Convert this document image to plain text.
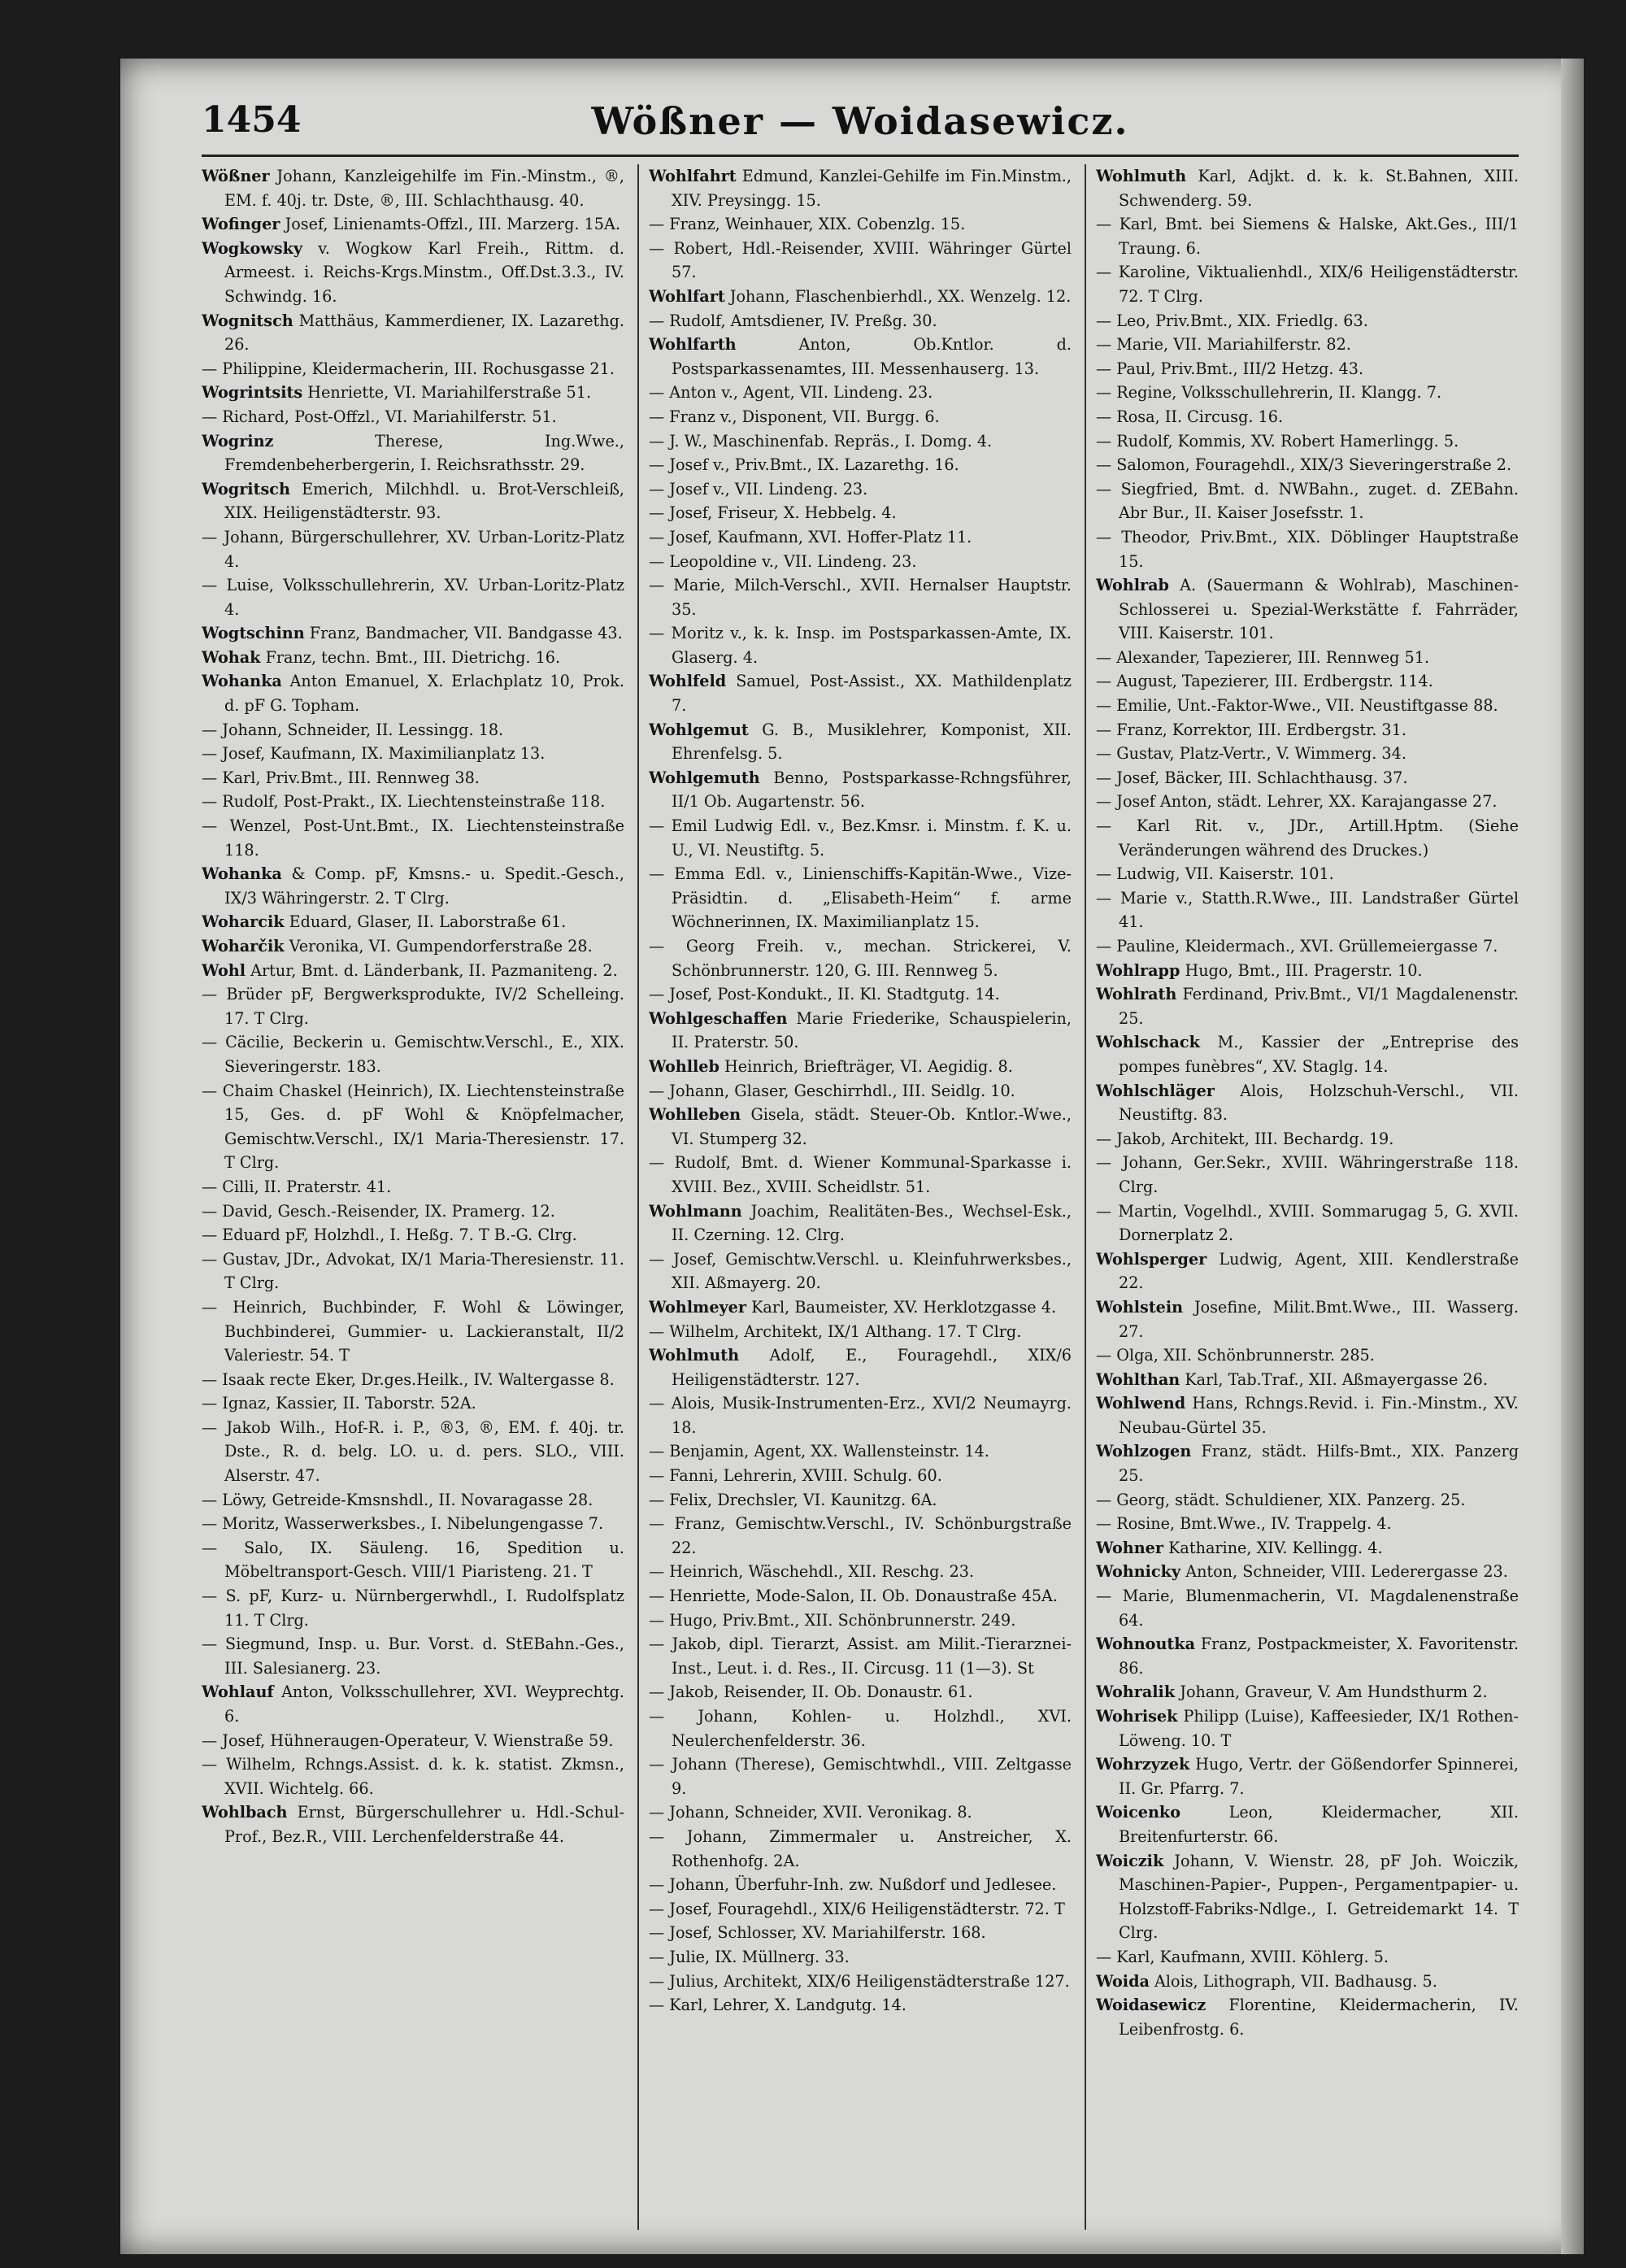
1454	Wößner — Woidasewicz.

Wößner Johann, Kanzleigehilfe im Fin.-Minstm., ®, EM. f. 40j. tr. Dste, ®, III. Schlachthausg. 40.

Wofinger Josef, Linienamts-Offzl., III. Marzerg. 15A.

Wogkowsky v. Wogkow Karl Freih., Rittm. d. Armeest. i. Reichs-Krgs.Minstm., Off.Dst.3.3., IV. Schwindg. 16.

Wognitsch Matthäus, Kammerdiener, IX. Lazarethg. 26.

— Philippine, Kleidermacherin, III. Rochusgasse 21.

Wogrintsits Henriette, VI. Mariahilferstraße 51.

— Richard, Post-Offzl., VI. Mariahilferstr. 51.

Wogrinz Therese, Ing.Wwe., Fremdenbeherbergerin, I. Reichsrathsstr. 29.

Wogritsch Emerich, Milchhdl. u. Brot-Verschleiß, XIX. Heiligenstädterstr. 93.

— Johann, Bürgerschullehrer, XV. Urban-Loritz-Platz 4.

— Luise, Volksschullehrerin, XV. Urban-Loritz-Platz 4.

Wogtschinn Franz, Bandmacher, VII. Bandgasse 43.

Wohak Franz, techn. Bmt., III. Dietrichg. 16.

Wohanka Anton Emanuel, X. Erlachplatz 10, Prok. d. pF G. Topham.

— Johann, Schneider, II. Lessingg. 18.

— Josef, Kaufmann, IX. Maximilianplatz 13.

— Karl, Priv.Bmt., III. Rennweg 38.

— Rudolf, Post-Prakt., IX. Liechtensteinstraße 118.

— Wenzel, Post-Unt.Bmt., IX. Liechtensteinstraße 118.

Wohanka & Comp. pF, Kmsns.- u. Spedit.-Gesch., IX/3 Währingerstr. 2. T Clrg.

Woharcik Eduard, Glaser, II. Laborstraße 61.

Woharčik Veronika, VI. Gumpendorferstraße 28.

Wohl Artur, Bmt. d. Länderbank, II. Pazmaniteng. 2.

— Brüder pF, Bergwerksprodukte, IV/2 Schelleing. 17. T Clrg.

— Cäcilie, Beckerin u. Gemischtw.Verschl., E., XIX. Sieveringerstr. 183.

— Chaim Chaskel (Heinrich), IX. Liechtensteinstraße 15, Ges. d. pF Wohl & Knöpfelmacher, Gemischtw.Verschl., IX/1 Maria-Theresienstr. 17. T Clrg.

— Cilli, II. Praterstr. 41.

— David, Gesch.-Reisender, IX. Pramerg. 12.

— Eduard pF, Holzhdl., I. Heßg. 7. T B.-G. Clrg.

— Gustav, JDr., Advokat, IX/1 Maria-Theresienstr. 11. T Clrg.

— Heinrich, Buchbinder, F. Wohl & Löwinger, Buchbinderei, Gummier- u. Lackieranstalt, II/2 Valeriestr. 54. T

— Isaak recte Eker, Dr.ges.Heilk., IV. Waltergasse 8.

— Ignaz, Kassier, II. Taborstr. 52A.

— Jakob Wilh., Hof-R. i. P., ®3, ®, EM. f. 40j. tr. Dste., R. d. belg. LO. u. d. pers. SLO., VIII. Alserstr. 47.

— Löwy, Getreide-Kmsnshdl., II. Novaragasse 28.

— Moritz, Wasserwerksbes., I. Nibelungengasse 7.

— Salo, IX. Säuleng. 16, Spedition u. Möbeltransport-Gesch. VIII/1 Piaristeng. 21. T

— S. pF, Kurz- u. Nürnbergerwhdl., I. Rudolfsplatz 11. T Clrg.

— Siegmund, Insp. u. Bur. Vorst. d. StEBahn.-Ges., III. Salesianerg. 23.

Wohlauf Anton, Volksschullehrer, XVI. Weyprechtg. 6.

— Josef, Hühneraugen-Operateur, V. Wienstraße 59.

— Wilhelm, Rchngs.Assist. d. k. k. statist. Zkmsn., XVII. Wichtelg. 66.

Wohlbach Ernst, Bürgerschullehrer u. Hdl.-Schul-Prof., Bez.R., VIII. Lerchenfelderstraße 44.

Wohlfahrt Edmund, Kanzlei-Gehilfe im Fin.Minstm., XIV. Preysingg. 15.

— Franz, Weinhauer, XIX. Cobenzlg. 15.

— Robert, Hdl.-Reisender, XVIII. Währinger Gürtel 57.

Wohlfart Johann, Flaschenbierhdl., XX. Wenzelg. 12.

— Rudolf, Amtsdiener, IV. Preßg. 30.

Wohlfarth Anton, Ob.Kntlor. d. Postsparkassenamtes, III. Messenhauserg. 13.

— Anton v., Agent, VII. Lindeng. 23.

— Franz v., Disponent, VII. Burgg. 6.

— J. W., Maschinenfab. Repräs., I. Domg. 4.

— Josef v., Priv.Bmt., IX. Lazarethg. 16.

— Josef v., VII. Lindeng. 23.

— Josef, Friseur, X. Hebbelg. 4.

— Josef, Kaufmann, XVI. Hoffer-Platz 11.

— Leopoldine v., VII. Lindeng. 23.

— Marie, Milch-Verschl., XVII. Hernalser Hauptstr. 35.

— Moritz v., k. k. Insp. im Postsparkassen-Amte, IX. Glaserg. 4.

Wohlfeld Samuel, Post-Assist., XX. Mathildenplatz 7.

Wohlgemut G. B., Musiklehrer, Komponist, XII. Ehrenfelsg. 5.

Wohlgemuth Benno, Postsparkasse-Rchngsführer, II/1 Ob. Augartenstr. 56.

— Emil Ludwig Edl. v., Bez.Kmsr. i. Minstm. f. K. u. U., VI. Neustiftg. 5.

— Emma Edl. v., Linienschiffs-Kapitän-Wwe., Vize-Präsidtin. d. „Elisabeth-Heim“ f. arme Wöchnerinnen, IX. Maximilianplatz 15.

— Georg Freih. v., mechan. Strickerei, V. Schönbrunnerstr. 120, G. III. Rennweg 5.

— Josef, Post-Kondukt., II. Kl. Stadtgutg. 14.

Wohlgeschaffen Marie Friederike, Schauspielerin, II. Praterstr. 50.

Wohlleb Heinrich, Briefträger, VI. Aegidig. 8.

— Johann, Glaser, Geschirrhdl., III. Seidlg. 10.

Wohlleben Gisela, städt. Steuer-Ob. Kntlor.-Wwe., VI. Stumperg 32.

— Rudolf, Bmt. d. Wiener Kommunal-Sparkasse i. XVIII. Bez., XVIII. Scheidlstr. 51.

Wohlmann Joachim, Realitäten-Bes., Wechsel-Esk., II. Czerning. 12. Clrg.

— Josef, Gemischtw.Verschl. u. Kleinfuhrwerksbes., XII. Aßmayerg. 20.

Wohlmeyer Karl, Baumeister, XV. Herklotzgasse 4.

— Wilhelm, Architekt, IX/1 Althang. 17. T Clrg.

Wohlmuth Adolf, E., Fouragehdl., XIX/6 Heiligenstädterstr. 127.

— Alois, Musik-Instrumenten-Erz., XVI/2 Neumayrg. 18.

— Benjamin, Agent, XX. Wallensteinstr. 14.

— Fanni, Lehrerin, XVIII. Schulg. 60.

— Felix, Drechsler, VI. Kaunitzg. 6A.

— Franz, Gemischtw.Verschl., IV. Schönburgstraße 22.

— Heinrich, Wäschehdl., XII. Reschg. 23.

— Henriette, Mode-Salon, II. Ob. Donaustraße 45A.

— Hugo, Priv.Bmt., XII. Schönbrunnerstr. 249.

— Jakob, dipl. Tierarzt, Assist. am Milit.-Tierarznei-Inst., Leut. i. d. Res., II. Circusg. 11 (1—3). St

— Jakob, Reisender, II. Ob. Donaustr. 61.

— Johann, Kohlen- u. Holzhdl., XVI. Neulerchenfelderstr. 36.

— Johann (Therese), Gemischtwhdl., VIII. Zeltgasse 9.

— Johann, Schneider, XVII. Veronikag. 8.

— Johann, Zimmermaler u. Anstreicher, X. Rothenhofg. 2A.

— Johann, Überfuhr-Inh. zw. Nußdorf und Jedlesee.

— Josef, Fouragehdl., XIX/6 Heiligenstädterstr. 72. T

— Josef, Schlosser, XV. Mariahilferstr. 168.

— Julie, IX. Müllnerg. 33.

— Julius, Architekt, XIX/6 Heiligenstädterstraße 127.

— Karl, Lehrer, X. Landgutg. 14.

Wohlmuth Karl, Adjkt. d. k. k. St.Bahnen, XIII. Schwenderg. 59.

— Karl, Bmt. bei Siemens & Halske, Akt.Ges., III/1 Traung. 6.

— Karoline, Viktualienhdl., XIX/6 Heiligenstädterstr. 72. T Clrg.

— Leo, Priv.Bmt., XIX. Friedlg. 63.

— Marie, VII. Mariahilferstr. 82.

— Paul, Priv.Bmt., III/2 Hetzg. 43.

— Regine, Volksschullehrerin, II. Klangg. 7.

— Rosa, II. Circusg. 16.

— Rudolf, Kommis, XV. Robert Hamerlingg. 5.

— Salomon, Fouragehdl., XIX/3 Sieveringerstraße 2.

— Siegfried, Bmt. d. NWBahn., zuget. d. ZEBahn. Abr Bur., II. Kaiser Josefsstr. 1.

— Theodor, Priv.Bmt., XIX. Döblinger Hauptstraße 15.

Wohlrab A. (Sauermann & Wohlrab), Maschinen-Schlosserei u. Spezial-Werkstätte f. Fahrräder, VIII. Kaiserstr. 101.

— Alexander, Tapezierer, III. Rennweg 51.

— August, Tapezierer, III. Erdbergstr. 114.

— Emilie, Unt.-Faktor-Wwe., VII. Neustiftgasse 88.

— Franz, Korrektor, III. Erdbergstr. 31.

— Gustav, Platz-Vertr., V. Wimmerg. 34.

— Josef, Bäcker, III. Schlachthausg. 37.

— Josef Anton, städt. Lehrer, XX. Karajangasse 27.

— Karl Rit. v., JDr., Artill.Hptm. (Siehe Veränderungen während des Druckes.)

— Ludwig, VII. Kaiserstr. 101.

— Marie v., Statth.R.Wwe., III. Landstraßer Gürtel 41.

— Pauline, Kleidermach., XVI. Grüllemeiergasse 7.

Wohlrapp Hugo, Bmt., III. Pragerstr. 10.

Wohlrath Ferdinand, Priv.Bmt., VI/1 Magdalenenstr. 25.

Wohlschack M., Kassier der „Entreprise des pompes funèbres“, XV. Staglg. 14.

Wohlschläger Alois, Holzschuh-Verschl., VII. Neustiftg. 83.

— Jakob, Architekt, III. Bechardg. 19.

— Johann, Ger.Sekr., XVIII. Währingerstraße 118. Clrg.

— Martin, Vogelhdl., XVIII. Sommarugag 5, G. XVII. Dornerplatz 2.

Wohlsperger Ludwig, Agent, XIII. Kendlerstraße 22.

Wohlstein Josefine, Milit.Bmt.Wwe., III. Wasserg. 27.

— Olga, XII. Schönbrunnerstr. 285.

Wohlthan Karl, Tab.Traf., XII. Aßmayergasse 26.

Wohlwend Hans, Rchngs.Revid. i. Fin.-Minstm., XV. Neubau-Gürtel 35.

Wohlzogen Franz, städt. Hilfs-Bmt., XIX. Panzerg 25.

— Georg, städt. Schuldiener, XIX. Panzerg. 25.

— Rosine, Bmt.Wwe., IV. Trappelg. 4.

Wohner Katharine, XIV. Kellingg. 4.

Wohnicky Anton, Schneider, VIII. Lederergasse 23.

— Marie, Blumenmacherin, VI. Magdalenenstraße 64.

Wohnoutka Franz, Postpackmeister, X. Favoritenstr. 86.

Wohralik Johann, Graveur, V. Am Hundsthurm 2.

Wohrisek Philipp (Luise), Kaffeesieder, IX/1 Rothen-Löweng. 10. T

Wohrzyzek Hugo, Vertr. der Gößendorfer Spinnerei, II. Gr. Pfarrg. 7.

Woicenko Leon, Kleidermacher, XII. Breitenfurterstr. 66.

Woiczik Johann, V. Wienstr. 28, pF Joh. Woiczik, Maschinen-Papier-, Puppen-, Pergamentpapier- u. Holzstoff-Fabriks-Ndlge., I. Getreidemarkt 14. T Clrg.

— Karl, Kaufmann, XVIII. Köhlerg. 5.

Woida Alois, Lithograph, VII. Badhausg. 5.

Woidasewicz Florentine, Kleidermacherin, IV. Leibenfrostg. 6.
